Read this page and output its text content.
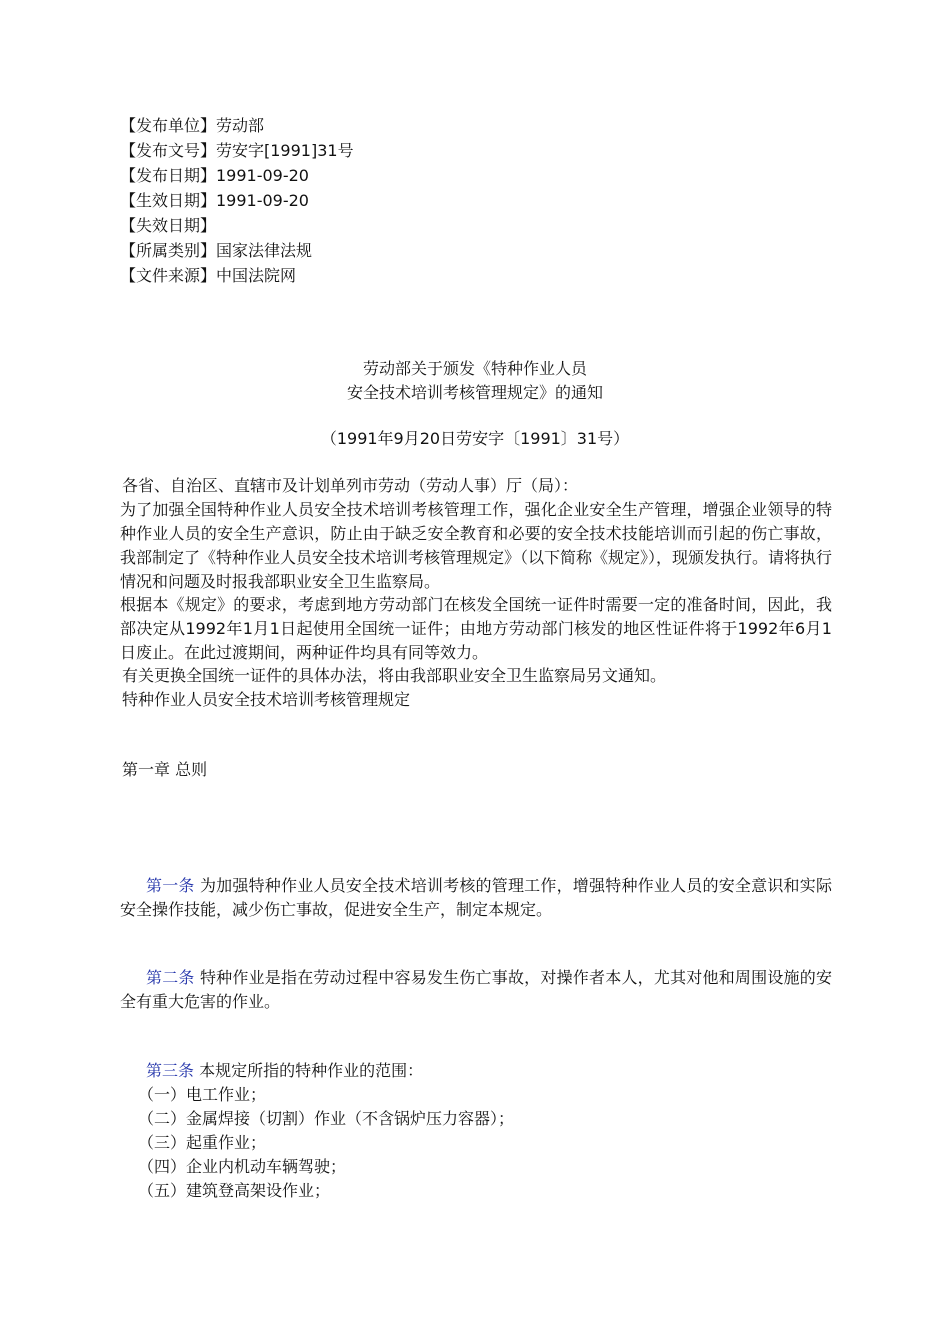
【发布单位】劳动部
【发布文号】劳安字[1991]31号
【发布日期】1991-09-20
【生效日期】1991-09-20
【失效日期】
【所属类别】国家法律法规
【文件来源】中国法院网
劳动部关于颁发《特种作业人员
安全技术培训考核管理规定》的通知
（1991年9月20日劳安字〔1991〕31号）
各省、自治区、直辖市及计划单列市劳动（劳动人事）厅（局）：
为了加强全国特种作业人员安全技术培训考核管理工作，强化企业安全生产管理，增强企业领导的特种作业人员的安全生产意识，防止由于缺乏安全教育和必要的安全技术技能培训而引起的伤亡事故，我部制定了《特种作业人员安全技术培训考核管理规定》（以下简称《规定》），现颁发执行。请将执行情况和问题及时报我部职业安全卫生监察局。
根据本《规定》的要求，考虑到地方劳动部门在核发全国统一证件时需要一定的准备时间，因此，我部决定从1992年1月1日起使用全国统一证件；由地方劳动部门核发的地区性证件将于1992年6月1日废止。在此过渡期间，两种证件均具有同等效力。
有关更换全国统一证件的具体办法，将由我部职业安全卫生监察局另文通知。
特种作业人员安全技术培训考核管理规定
第一章 总则
第一条 为加强特种作业人员安全技术培训考核的管理工作，增强特种作业人员的安全意识和实际安全操作技能，减少伤亡事故，促进安全生产，制定本规定。
第二条 特种作业是指在劳动过程中容易发生伤亡事故，对操作者本人，尤其对他和周围设施的安全有重大危害的作业。
第三条 本规定所指的特种作业的范围：
（一）电工作业；
（二）金属焊接（切割）作业（不含锅炉压力容器）；
（三）起重作业；
（四）企业内机动车辆驾驶；
（五）建筑登高架设作业；
